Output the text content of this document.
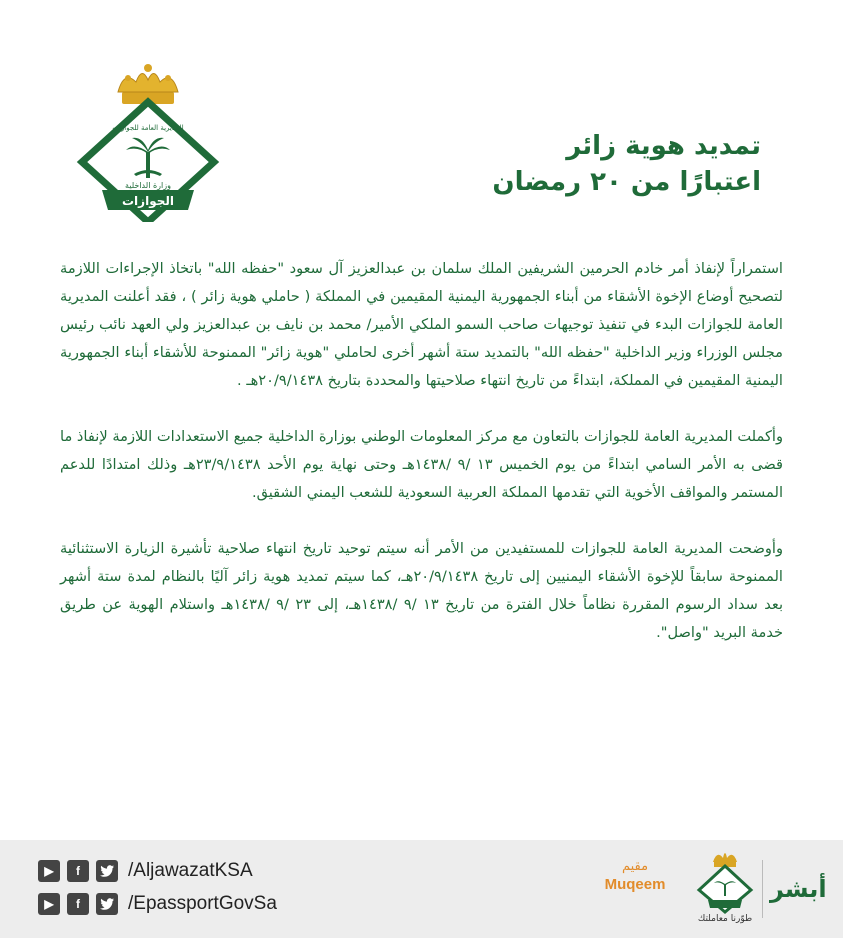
المديرية العامة للجوازات
وزارة الداخلية
الجوازات
تمديد هوية زائر
اعتبارًا من ٢٠ رمضان

استمراراً لإنفاذ أمر خادم الحرمين الشريفين الملك سلمان بن عبدالعزيز آل سعود "حفظه الله" باتخاذ الإجراءات اللازمة لتصحيح أوضاع الإخوة الأشقاء من أبناء الجمهورية اليمنية المقيمين في المملكة ( حاملي هوية زائر ) ، فقد أعلنت المديرية العامة للجوازات البدء في تنفيذ توجيهات صاحب السمو الملكي الأمير/ محمد بن نايف بن عبدالعزيز ولي العهد نائب رئيس مجلس الوزراء وزير الداخلية "حفظه الله" بالتمديد ستة أشهر أخرى لحاملي "هوية زائر" الممنوحة للأشقاء أبناء الجمهورية اليمنية المقيمين في المملكة، ابتداءً من تاريخ انتهاء صلاحيتها والمحددة بتاريخ ٢٠/٩/١٤٣٨هـ .

وأكملت المديرية العامة للجوازات بالتعاون مع مركز المعلومات الوطني بوزارة الداخلية جميع الاستعدادات اللازمة لإنفاذ ما قضى به الأمر السامي ابتداءً من يوم الخميس ١٣ /٩ /١٤٣٨هـ وحتى نهاية يوم الأحد ٢٣/٩/١٤٣٨هـ وذلك امتدادًا للدعم المستمر والمواقف الأخوية التي تقدمها المملكة العربية السعودية للشعب اليمني الشقيق.

وأوضحت المديرية العامة للجوازات للمستفيدين من الأمر أنه سيتم توحيد تاريخ انتهاء صلاحية تأشيرة الزيارة الاستثنائية الممنوحة سابقاً للإخوة الأشقاء اليمنيين إلى تاريخ ٢٠/٩/١٤٣٨هـ، كما سيتم تمديد هوية زائر آليًا بالنظام لمدة ستة أشهر بعد سداد الرسوم المقررة نظاماً خلال الفترة من تاريخ ١٣ /٩ /١٤٣٨هـ، إلى ٢٣ /٩ /١٤٣٨هـ واستلام الهوية عن طريق خدمة البريد "واصل".

▶	f	/AljawazatKSA
▶	f	/EpassportGovSa
مقيم
Muqeem
طوّرنا معاملتك
أبشر
